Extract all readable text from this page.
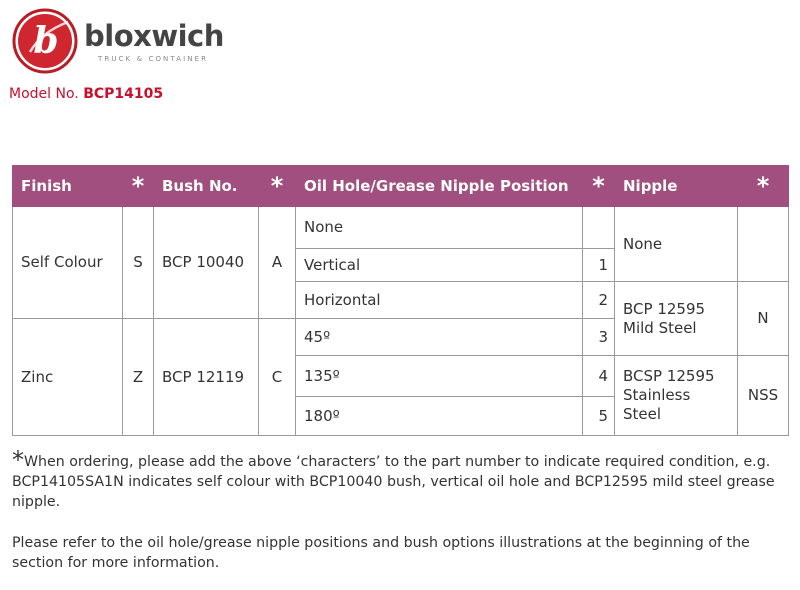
b bloxwich
TRUCK & CONTAINER
Model No. BCP14105
Finish	*	Bush No.	*	Oil Hole/Grease Nipple Position	*	Nipple	*
Self Colour	S	BCP 10040	A	None		None	
				Vertical	1		
				Horizontal	2	BCP 12595 Mild Steel	N
Zinc	Z	BCP 12119	C	45º	3		
				135º	4	BCSP 12595 Stainless Steel	NSS
				180º	5		

*When ordering, please add the above ‘characters’ to the part number to indicate required condition, e.g. BCP14105SA1N indicates self colour with BCP10040 bush, vertical oil hole and BCP12595 mild steel grease nipple.

Please refer to the oil hole/grease nipple positions and bush options illustrations at the beginning of the section for more information.
